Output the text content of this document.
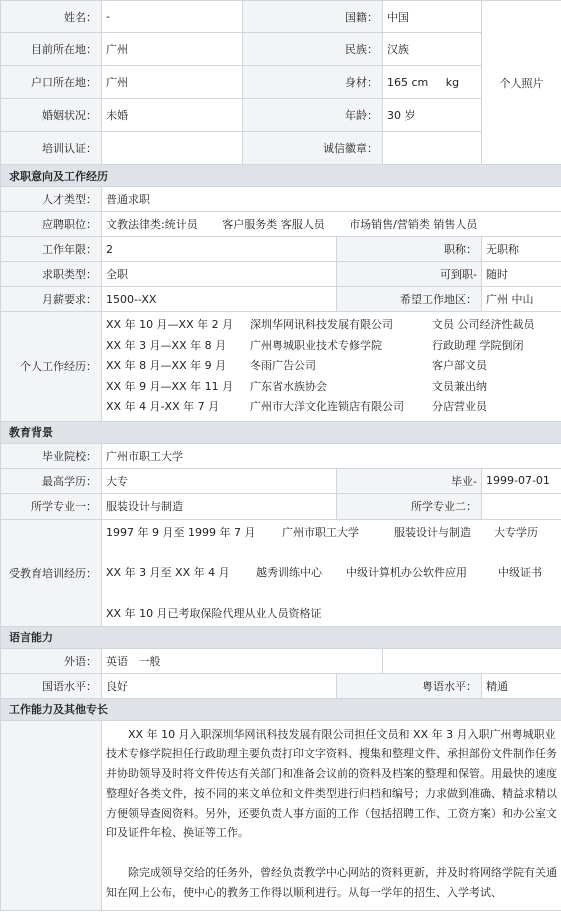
姓名：	-	国籍：		中国	个人照片
目前所在地：	广州	民族：		汉族	
户口所在地：	广州	身材：		165 cm     kg	
婚姻状况：	未婚	年龄：		30 岁	
培训认证：		诚信徽章：			
求职意向及工作经历					
人才类型：	普通求职				
应聘职位：	文教法律类:统计员 客户服务类 客服人员 市场销售/营销类 销售人员				
工作年限：	2		职称：		无职称
求职类型：	全职		可到职-		随时
月薪要求：	1500--XX		希望工作地区：		广州 中山
个人工作经历：	XX 年 10 月—XX 年 2 月 深圳华网讯科技发展有限公司 文员 公司经济性裁员
XX 年 3 月—XX 年 8 月 广州粤城职业技术专修学院 行政助理 学院倒闭
XX 年 8 月—XX 年 9 月 冬雨广告公司 客户部文员
XX 年 9 月—XX 年 11 月 广东省水族协会 文员兼出纳
XX 年 4 月-XX 年 7 月 广州市大洋文化连锁店有限公司 分店营业员				

教育背景					
毕业院校：	广州市职工大学				
最高学历：	大专		毕业-		1999-07-01
所学专业一：	服装设计与制造		所学专业二：		
受教育培训经历：	1997 年 9 月至 1999 年 7 月 广州市职工大学 服装设计与制造 大专学历
XX 年 3 月至 XX 年 4 月 越秀训练中心 中级计算机办公软件应用 中级证书
XX 年 10 月已考取保险代理从业人员资格证				

语言能力					
外语：	英语   一般				
国语水平：	良好		粤语水平：		精通
工作能力及其他专长					

	XX 年 10 月入职深圳华网讯科技发展有限公司担任文员和 XX 年 3 月入职广州粤城职业技术专修学院担任行政助理主要负责打印文字资料、搜集和整理文件、承担部份文件制作任务并协助领导及时将文件传达有关部门和准备会议前的资料及档案的整理和保管。用最快的速度整理好各类文件，按不同的来文单位和文件类型进行归档和编号；力求做到准确、精益求精以方便领导查阅资料。另外，还要负责人事方面的工作（包括招聘工作、工资方案）和办公室文印及证件年检、换证等工作。
除完成领导交给的任务外，曾经负责教学中心网站的资料更新，并及时将网络学院有关通知在网上公布，使中心的教务工作得以顺利进行。从每一学年的招生、入学考试、				
